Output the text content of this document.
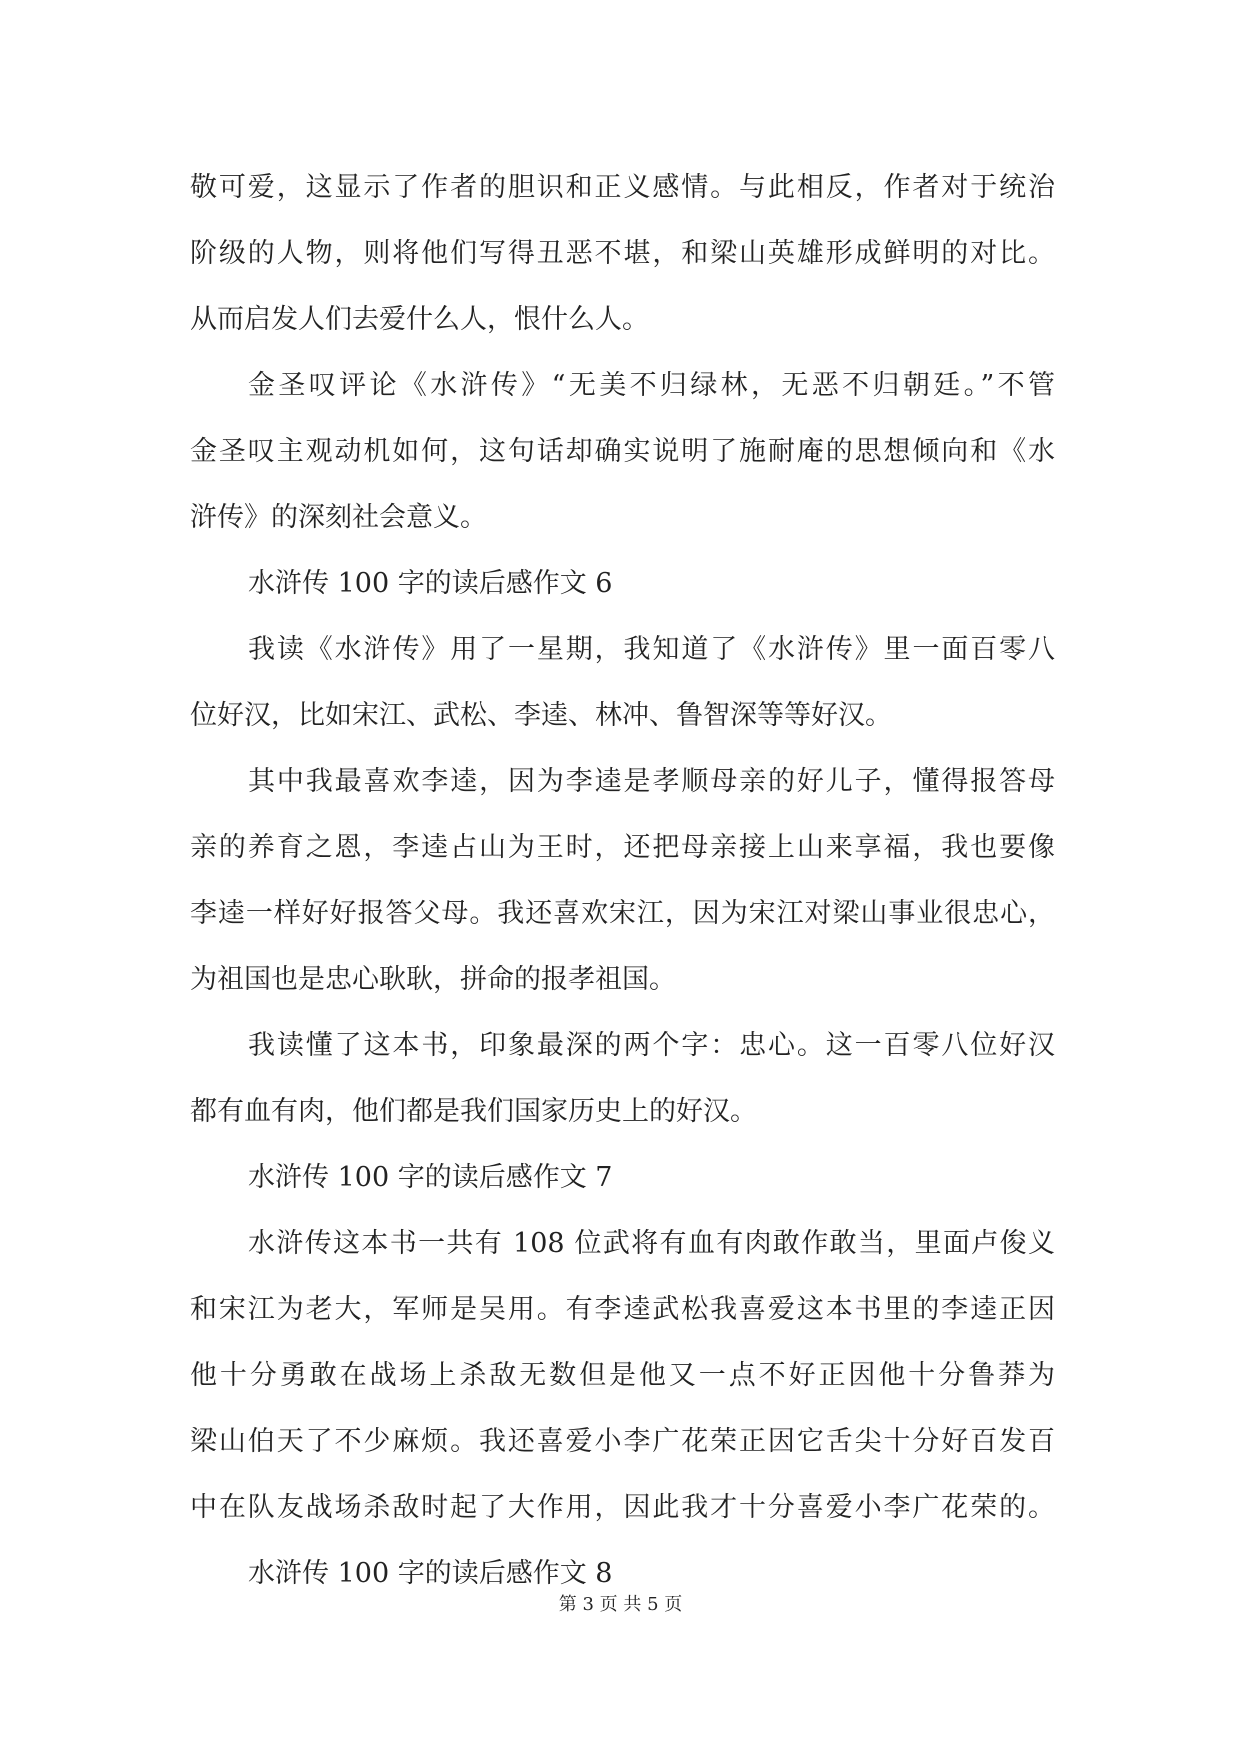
敬可爱，这显示了作者的胆识和正义感情。与此相反，作者对于统治
阶级的人物，则将他们写得丑恶不堪，和梁山英雄形成鲜明的对比。
从而启发人们去爱什么人，恨什么人。
金圣叹评论《水浒传》“无美不归绿林，无恶不归朝廷。”不管
金圣叹主观动机如何，这句话却确实说明了施耐庵的思想倾向和《水
浒传》的深刻社会意义。
水浒传 100 字的读后感作文 6
我读《水浒传》用了一星期，我知道了《水浒传》里一面百零八
位好汉，比如宋江、武松、李逵、林冲、鲁智深等等好汉。
其中我最喜欢李逵，因为李逵是孝顺母亲的好儿子，懂得报答母
亲的养育之恩，李逵占山为王时，还把母亲接上山来享福，我也要像
李逵一样好好报答父母。我还喜欢宋江，因为宋江对梁山事业很忠心，
为祖国也是忠心耿耿，拼命的报孝祖国。
我读懂了这本书，印象最深的两个字：忠心。这一百零八位好汉
都有血有肉，他们都是我们国家历史上的好汉。
水浒传 100 字的读后感作文 7
水浒传这本书一共有 108 位武将有血有肉敢作敢当，里面卢俊义
和宋江为老大，军师是吴用。有李逵武松我喜爱这本书里的李逵正因
他十分勇敢在战场上杀敌无数但是他又一点不好正因他十分鲁莽为
梁山伯天了不少麻烦。我还喜爱小李广花荣正因它舌尖十分好百发百
中在队友战场杀敌时起了大作用，因此我才十分喜爱小李广花荣的。
水浒传 100 字的读后感作文 8
第 3 页 共 5 页
